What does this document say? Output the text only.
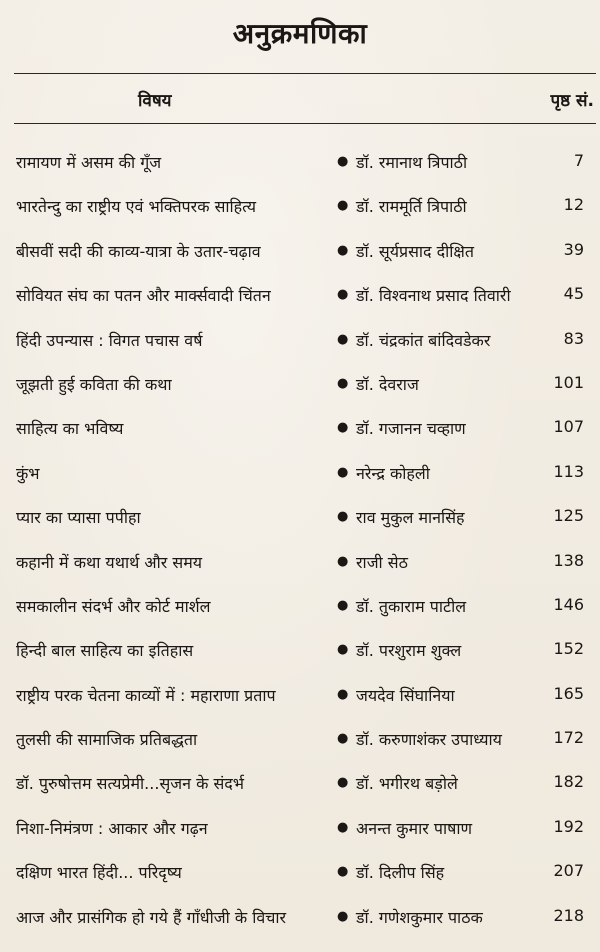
अनुक्रमणिका
विषय	पृष्ठ सं.
रामायण में असम की गूँज	● डॉ. रमानाथ त्रिपाठी	7
भारतेन्दु का राष्ट्रीय एवं भक्तिपरक साहित्य	● डॉ. राममूर्ति त्रिपाठी	12
बीसवीं सदी की काव्य-यात्रा के उतार-चढ़ाव	● डॉ. सूर्यप्रसाद दीक्षित	39
सोवियत संघ का पतन और मार्क्सवादी चिंतन	● डॉ. विश्वनाथ प्रसाद तिवारी	45
हिंदी उपन्यास : विगत पचास वर्ष	● डॉ. चंद्रकांत बांदिवडेकर	83
जूझती हुई कविता की कथा	● डॉ. देवराज	101
साहित्य का भविष्य	● डॉ. गजानन चव्हाण	107
कुंभ	● नरेन्द्र कोहली	113
प्यार का प्यासा पपीहा	● राव मुकुल मानसिंह	125
कहानी में कथा यथार्थ और समय	● राजी सेठ	138
समकालीन संदर्भ और कोर्ट मार्शल	● डॉ. तुकाराम पाटील	146
हिन्दी बाल साहित्य का इतिहास	● डॉ. परशुराम शुक्ल	152
राष्ट्रीय परक चेतना काव्यों में : महाराणा प्रताप	● जयदेव सिंघानिया	165
तुलसी की सामाजिक प्रतिबद्धता	● डॉ. करुणाशंकर उपाध्याय	172
डॉ. पुरुषोत्तम सत्यप्रेमी...सृजन के संदर्भ	● डॉ. भगीरथ बड़ोले	182
निशा-निमंत्रण : आकार और गढ़न	● अनन्त कुमार पाषाण	192
दक्षिण भारत हिंदी... परिदृष्य	● डॉ. दिलीप सिंह	207
आज और प्रासंगिक हो गये हैं गाँधीजी के विचार	● डॉ. गणेशकुमार पाठक	218
